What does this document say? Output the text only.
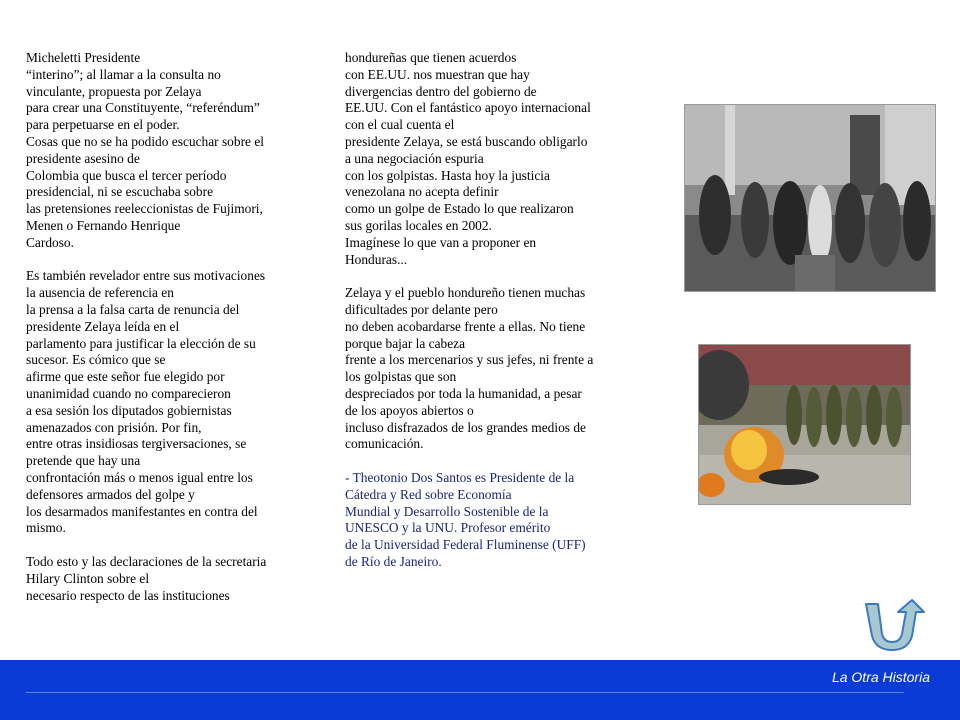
Micheletti Presidente
“interino”; al llamar a la consulta no
vinculante, propuesta por Zelaya
para crear una Constituyente, “referéndum”
para perpetuarse en el poder.
Cosas que no se ha podido escuchar sobre el
presidente asesino de
Colombia que busca el tercer período
presidencial, ni se escuchaba sobre
las pretensiones reeleccionistas de Fujimori,
Menen o Fernando Henrique
Cardoso.
Es también revelador entre sus motivaciones
la ausencia de referencia en
la prensa a la falsa carta de renuncia del
presidente Zelaya leída en el
parlamento para justificar la elección de su
sucesor. Es cómico que se
afirme que este señor fue elegido por
unanimidad cuando no comparecieron
a esa sesión los diputados gobiernistas
amenazados con prisión. Por fin,
entre otras insidiosas tergiversaciones, se
pretende que hay una
confrontación más o menos igual entre los
defensores armados del golpe y
los desarmados manifestantes en contra del
mismo.
Todo esto y las declaraciones de la secretaria
Hilary Clinton sobre el
necesario respecto de las instituciones
hondureñas que tienen acuerdos
con EE.UU. nos muestran que hay
divergencias dentro del gobierno de
EE.UU. Con el fantástico apoyo internacional
con el cual cuenta el
presidente Zelaya, se está buscando obligarlo
a una negociación espuria
con los golpistas. Hasta hoy la justicia
venezolana no acepta definir
como un golpe de Estado lo que realizaron
sus gorilas locales en 2002.
Imagínese lo que van a proponer en
Honduras...
Zelaya y el pueblo hondureño tienen muchas
dificultades por delante pero
no deben acobardarse frente a ellas. No tiene
porque bajar la cabeza
frente a los mercenarios y sus jefes, ni frente a
los golpistas que son
despreciados por toda la humanidad, a pesar
de los apoyos abiertos o
incluso disfrazados de los grandes medios de
comunicación.
- Theotonio Dos Santos es Presidente de la
Cátedra y Red sobre Economía
Mundial y Desarrollo Sostenible de la
UNESCO y la UNU. Profesor emérito
de la Universidad Federal Fluminense (UFF)
de Río de Janeiro.
La Otra Historia
